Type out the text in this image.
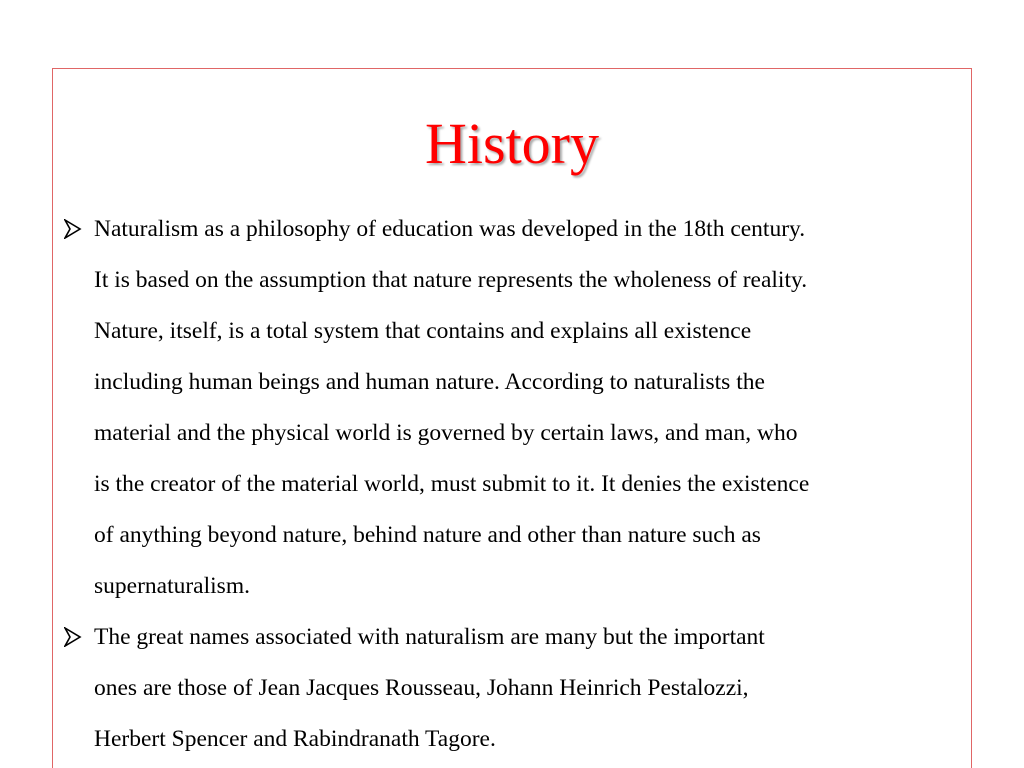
History
Naturalism as a philosophy of education was developed in the 18th century.
It is based on the assumption that nature represents the wholeness of reality.
Nature, itself, is a total system that contains and explains all existence
including human beings and human nature. According to naturalists the
material and the physical world is governed by certain laws, and man, who
is the creator of the material world, must submit to it. It denies the existence
of anything beyond nature, behind nature and other than nature such as
supernaturalism.
The great names associated with naturalism are many but the important
ones are those of Jean Jacques Rousseau, Johann Heinrich Pestalozzi,
Herbert Spencer and Rabindranath Tagore.
